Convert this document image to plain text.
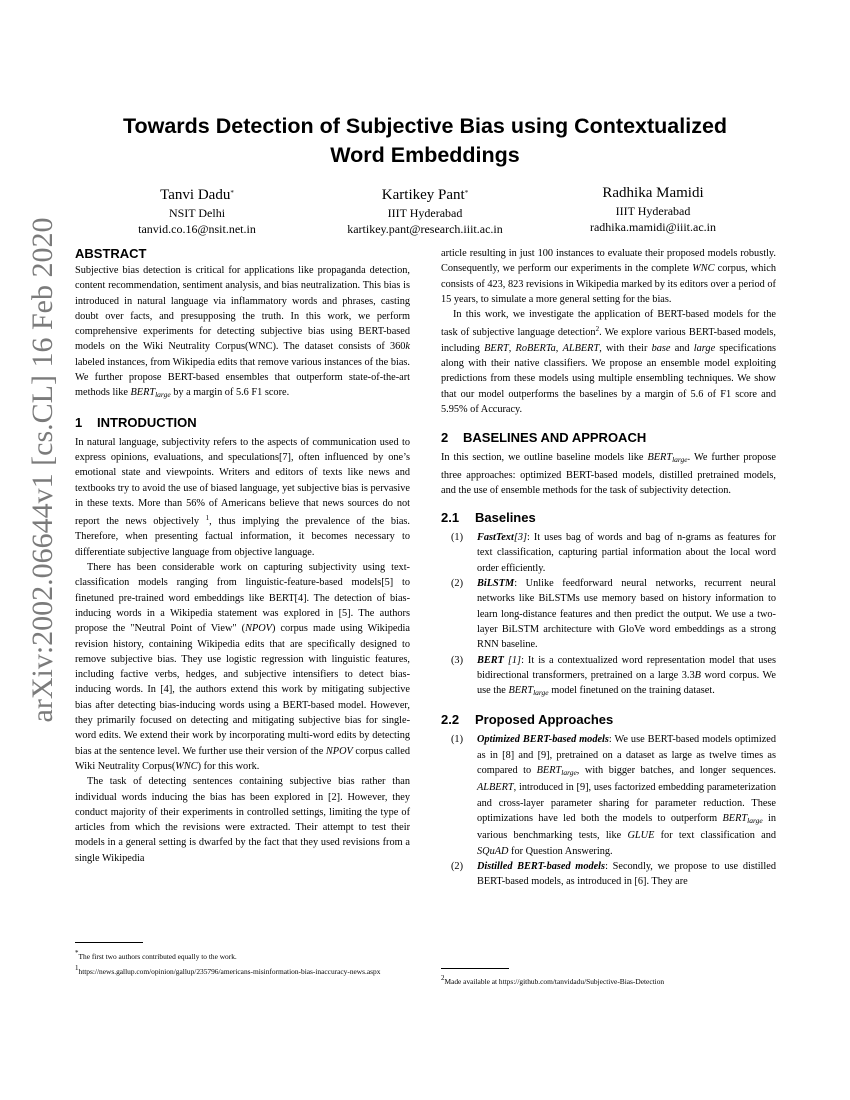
arXiv:2002.06644v1 [cs.CL] 16 Feb 2020
Towards Detection of Subjective Bias using Contextualized
Word Embeddings
Tanvi Dadu*
NSIT Delhi
tanvid.co.16@nsit.net.in
Kartikey Pant*
IIIT Hyderabad
kartikey.pant@research.iiit.ac.in
Radhika Mamidi
IIIT Hyderabad
radhika.mamidi@iiit.ac.in
ABSTRACT

Subjective bias detection is critical for applications like propaganda detection, content recommendation, sentiment analysis, and bias neutralization. This bias is introduced in natural language via inflammatory words and phrases, casting doubt over facts, and presupposing the truth. In this work, we perform comprehensive experiments for detecting subjective bias using BERT-based models on the Wiki Neutrality Corpus(WNC). The dataset consists of 360k labeled instances, from Wikipedia edits that remove various instances of the bias. We further propose BERT-based ensembles that outperform state-of-the-art methods like $BERT_{large}$ by a margin of 5.6 F1 score.

1 INTRODUCTION

In natural language, subjectivity refers to the aspects of communication used to express opinions, evaluations, and speculations[7], often influenced by one’s emotional state and viewpoints. Writers and editors of texts like news and textbooks try to avoid the use of biased language, yet subjective bias is pervasive in these texts. More than 56% of Americans believe that news sources do not report the news objectively $^1$, thus implying the prevalence of the bias. Therefore, when presenting factual information, it becomes necessary to differentiate subjective language from objective language.

There has been considerable work on capturing subjectivity using text-classification models ranging from linguistic-feature-based models[5] to finetuned pre-trained word embeddings like BERT[4]. The detection of bias-inducing words in a Wikipedia statement was explored in [5]. The authors propose the "Neutral Point of View" (NPOV) corpus made using Wikipedia revision history, containing Wikipedia edits that are specifically designed to remove subjective bias. They use logistic regression with linguistic features, including factive verbs, hedges, and subjective intensifiers to detect bias-inducing words. In [4], the authors extend this work by mitigating subjective bias after detecting bias-inducing words using a BERT-based model. However, they primarily focused on detecting and mitigating subjective bias for single-word edits. We extend their work by incorporating multi-word edits by detecting bias at the sentence level. We further use their version of the NPOV corpus called Wiki Neutrality Corpus(WNC) for this work.

The task of detecting sentences containing subjective bias rather than individual words inducing the bias has been explored in [2]. However, they conduct majority of their experiments in controlled settings, limiting the type of articles from which the revisions were extracted. Their attempt to test their models in a general setting is dwarfed by the fact that they used revisions from a single Wikipedia

*The first two authors contributed equally to the work.
1https://news.gallup.com/opinion/gallup/235796/americans-misinformation-bias-inaccuracy-news.aspx

article resulting in just 100 instances to evaluate their proposed models robustly. Consequently, we perform our experiments in the complete WNC corpus, which consists of 423, 823 revisions in Wikipedia marked by its editors over a period of 15 years, to simulate a more general setting for the bias.

In this work, we investigate the application of BERT-based models for the task of subjective language detection$^2$. We explore various BERT-based models, including BERT, RoBERTa, ALBERT, with their base and large specifications along with their native classifiers. We propose an ensemble model exploiting predictions from these models using multiple ensembling techniques. We show that our model outperforms the baselines by a margin of 5.6 of F1 score and 5.95% of Accuracy.

2 BASELINES AND APPROACH

In this section, we outline baseline models like $BERT_{large}$. We further propose three approaches: optimized BERT-based models, distilled pretrained models, and the use of ensemble methods for the task of subjectivity detection.

2.1 Baselines
(1) FastText[3]: It uses bag of words and bag of n-grams as features for text classification, capturing partial information about the local word order efficiently.
(2) BiLSTM: Unlike feedforward neural networks, recurrent neural networks like BiLSTMs use memory based on history information to learn long-distance features and then predict the output. We use a two-layer BiLSTM architecture with GloVe word embeddings as a strong RNN baseline.
(3) BERT [1]: It is a contextualized word representation model that uses bidirectional transformers, pretrained on a large 3.3B word corpus. We use the $BERT_{large}$ model finetuned on the training dataset.
2.2 Proposed Approaches
(1) Optimized BERT-based models: We use BERT-based models optimized as in [8] and [9], pretrained on a dataset as large as twelve times as compared to $BERT_{large}$, with bigger batches, and longer sequences. ALBERT, introduced in [9], uses factorized embedding parameterization and cross-layer parameter sharing for parameter reduction. These optimizations have led both the models to outperform $BERT_{large}$ in various benchmarking tests, like GLUE for text classification and SQuAD for Question Answering.
(2) Distilled BERT-based models: Secondly, we propose to use distilled BERT-based models, as introduced in [6]. They are
2Made available at https://github.com/tanvidadu/Subjective-Bias-Detection
